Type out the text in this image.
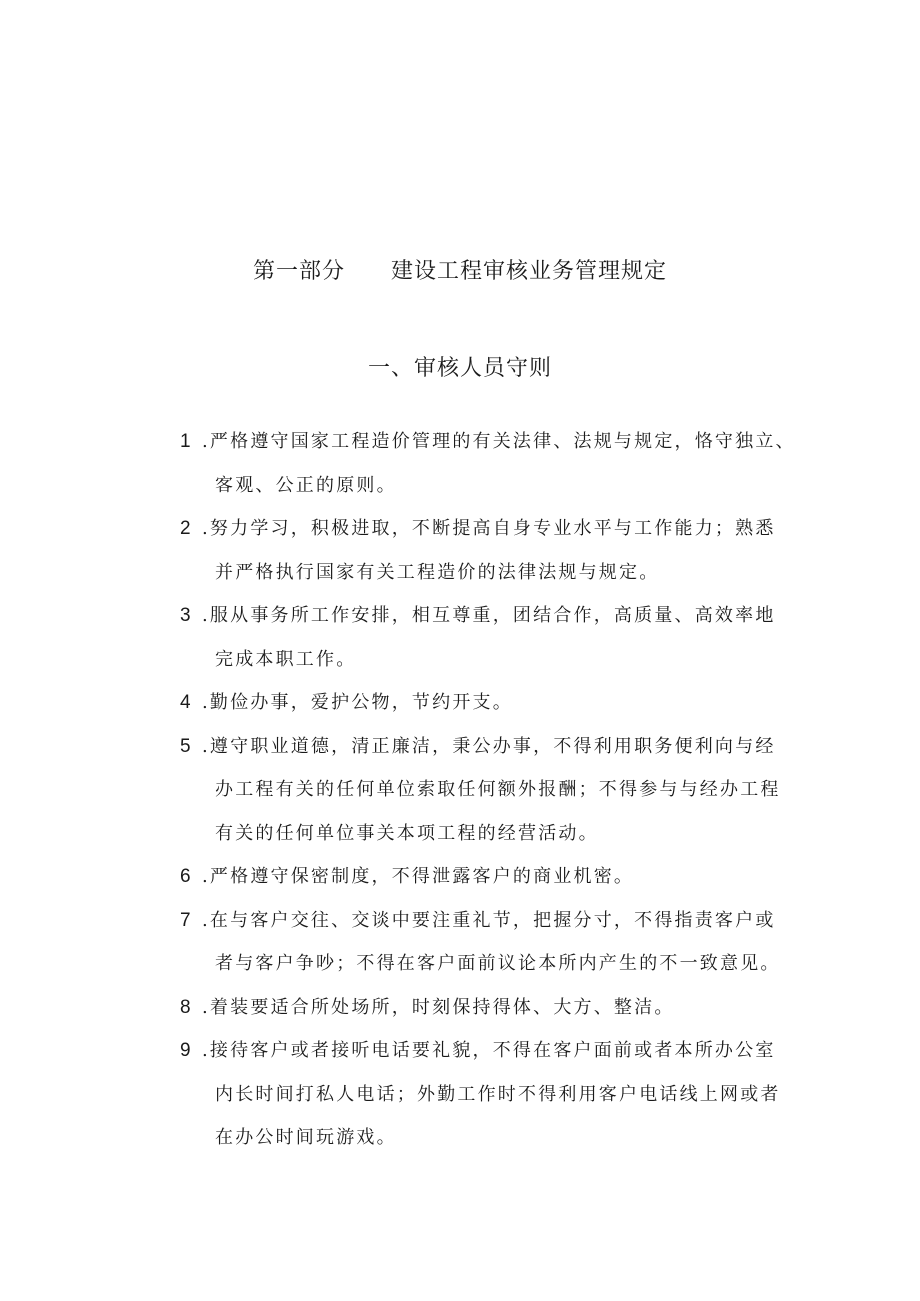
第一部分 建设工程审核业务管理规定
一、审核人员守则
1 .严格遵守国家工程造价管理的有关法律、法规与规定，恪守独立、
客观、公正的原则。
2 .努力学习，积极进取，不断提高自身专业水平与工作能力；熟悉
并严格执行国家有关工程造价的法律法规与规定。
3 .服从事务所工作安排，相互尊重，团结合作，高质量、高效率地
完成本职工作。
4 .勤俭办事，爱护公物，节约开支。
5 .遵守职业道德，清正廉洁，秉公办事，不得利用职务便利向与经
办工程有关的任何单位索取任何额外报酬；不得参与与经办工程
有关的任何单位事关本项工程的经营活动。
6 .严格遵守保密制度，不得泄露客户的商业机密。
7 .在与客户交往、交谈中要注重礼节，把握分寸，不得指责客户或
者与客户争吵；不得在客户面前议论本所内产生的不一致意见。
8 .着装要适合所处场所，时刻保持得体、大方、整洁。
9 .接待客户或者接听电话要礼貌，不得在客户面前或者本所办公室
内长时间打私人电话；外勤工作时不得利用客户电话线上网或者
在办公时间玩游戏。
